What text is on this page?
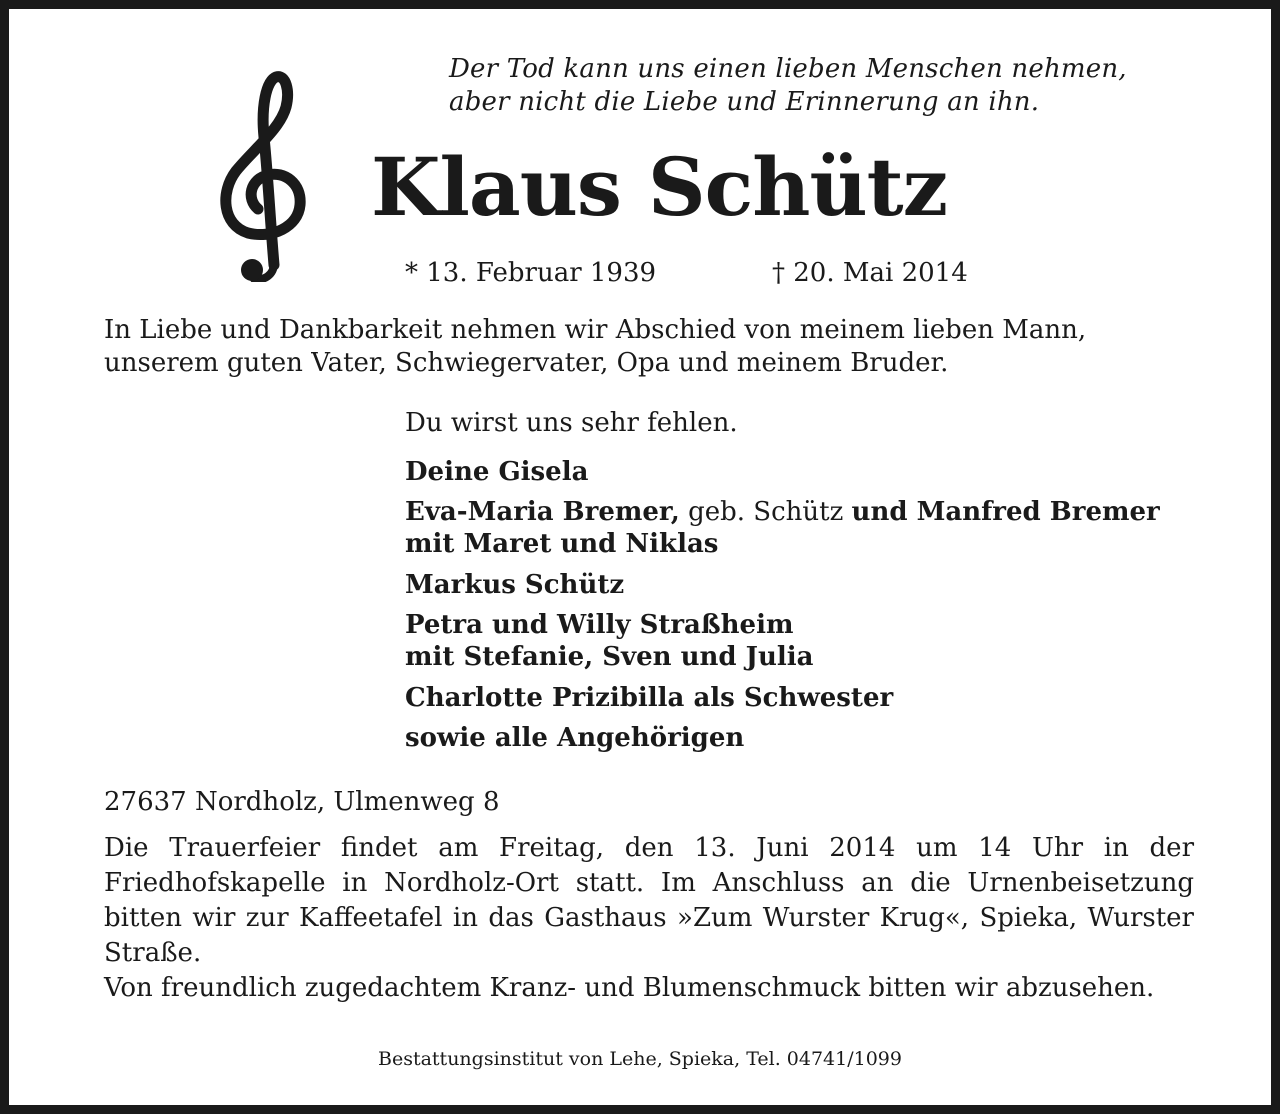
Der Tod kann uns einen lieben Menschen nehmen,
aber nicht die Liebe und Erinnerung an ihn.
Klaus Schütz
* 13. Februar 1939	† 20. Mai 2014
In Liebe und Dankbarkeit nehmen wir Abschied von meinem lieben Mann,
unserem guten Vater, Schwiegervater, Opa und meinem Bruder.
Du wirst uns sehr fehlen.
Deine Gisela
Eva-Maria Bremer, geb. Schütz und Manfred Bremer
mit Maret und Niklas
Markus Schütz
Petra und Willy Straßheim
mit Stefanie, Sven und Julia
Charlotte Prizibilla als Schwester
sowie alle Angehörigen
27637 Nordholz, Ulmenweg 8
Die Trauerfeier findet am Freitag, den 13. Juni 2014 um 14 Uhr in der Friedhofskapelle in Nordholz-Ort statt. Im Anschluss an die Urnenbeisetzung bitten wir zur Kaffeetafel in das Gasthaus »Zum Wurster Krug«, Spieka, Wurster Straße.
Von freundlich zugedachtem Kranz- und Blumenschmuck bitten wir abzusehen.
Bestattungsinstitut von Lehe, Spieka, Tel. 04741/1099
